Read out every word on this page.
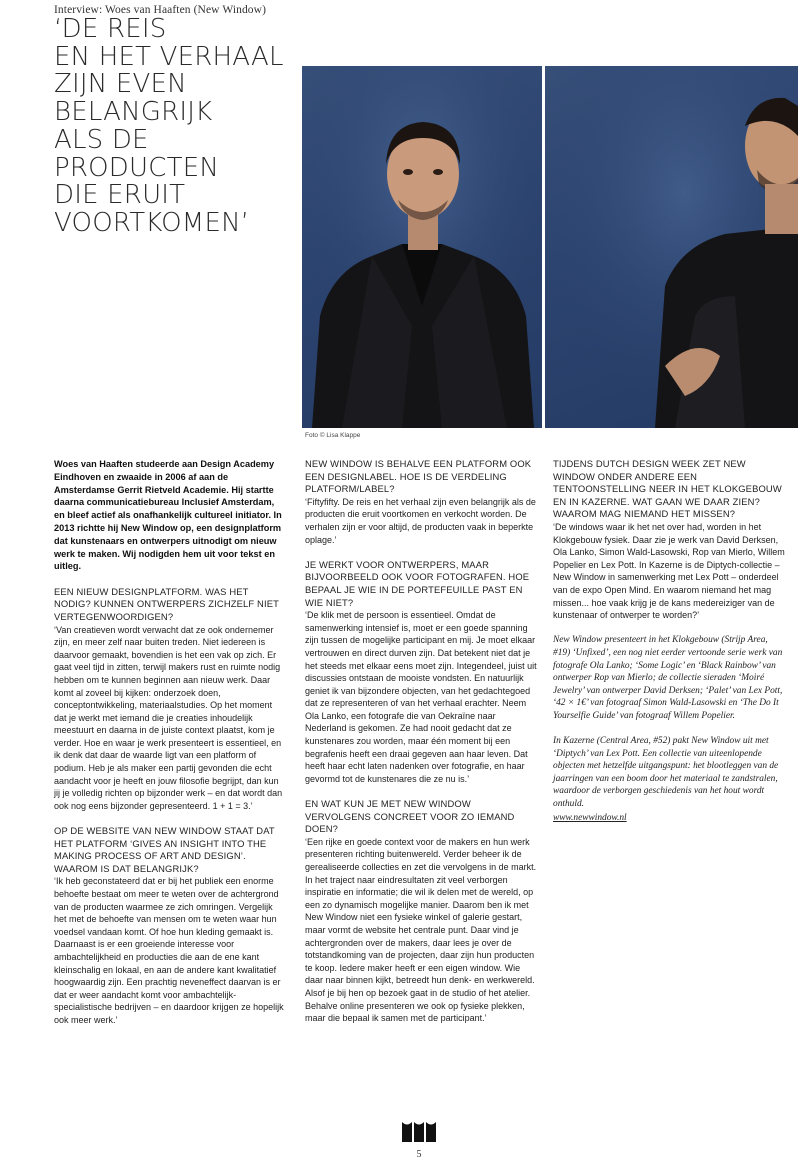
Interview: Woes van Haaften (New Window)
‘DE REIS
EN HET VERHAAL
ZIJN EVEN
BELANGRIJK
ALS DE
PRODUCTEN
DIE ERUIT
VOORTKOMEN’
Foto © Lisa Klappe

Woes van Haaften studeerde aan Design Academy Eindhoven en zwaaide in 2006 af aan de Amsterdamse Gerrit Rietveld Academie. Hij startte daarna communicatiebureau Inclusief Amsterdam, en bleef actief als onafhankelijk cultureel initiator. In 2013 richtte hij New Window op, een designplatform dat kunstenaars en ontwerpers uitnodigt om nieuw werk te maken. Wij nodigden hem uit voor tekst en uitleg.

EEN NIEUW DESIGNPLATFORM. WAS HET NODIG? KUNNEN ONTWERPERS ZICHZELF NIET VERTEGENWOORDIGEN?

‘Van creatieven wordt verwacht dat ze ook ondernemer zijn, en meer zelf naar buiten treden. Niet iedereen is daarvoor gemaakt, bovendien is het een vak op zich. Er gaat veel tijd in zitten, terwijl makers rust en ruimte nodig hebben om te kunnen beginnen aan nieuw werk. Daar komt al zoveel bij kijken: onderzoek doen, conceptontwikkeling, materiaalstudies. Op het moment dat je werkt met iemand die je creaties inhoudelijk meestuurt en daarna in de juiste context plaatst, kom je verder. Hoe en waar je werk presenteert is essentieel, en ik denk dat daar de waarde ligt van een platform of podium. Heb je als maker een partij gevonden die echt aandacht voor je heeft en jouw filosofie begrijpt, dan kun jij je volledig richten op bijzonder werk – en dat wordt dan ook nog eens bijzonder gepresenteerd. 1 + 1 = 3.’

OP DE WEBSITE VAN NEW WINDOW STAAT DAT HET PLATFORM ‘GIVES AN INSIGHT INTO THE MAKING PROCESS OF ART AND DESIGN’. WAAROM IS DAT BELANGRIJK?

‘Ik heb geconstateerd dat er bij het publiek een enorme behoefte bestaat om meer te weten over de achtergrond van de producten waarmee ze zich omringen. Vergelijk het met de behoefte van mensen om te weten waar hun voedsel vandaan komt. Of hoe hun kleding gemaakt is. Daarnaast is er een groeiende interesse voor ambachtelijkheid en producties die aan de ene kant kleinschalig en lokaal, en aan de andere kant kwalitatief hoogwaardig zijn. Een prachtig neveneffect daarvan is er dat er weer aandacht komt voor ambachtelijk-specialistische bedrijven – en daardoor krijgen ze hopelijk ook meer werk.’

NEW WINDOW IS BEHALVE EEN PLATFORM OOK EEN DESIGNLABEL. HOE IS DE VERDELING PLATFORM/LABEL?

‘Fiftyfifty. De reis en het verhaal zijn even belangrijk als de producten die eruit voortkomen en verkocht worden. De verhalen zijn er voor altijd, de producten vaak in beperkte oplage.’

JE WERKT VOOR ONTWERPERS, MAAR BIJVOORBEELD OOK VOOR FOTOGRAFEN. HOE BEPAAL JE WIE IN DE PORTEFEUILLE PAST EN WIE NIET?

‘De klik met de persoon is essentieel. Omdat de samenwerking intensief is, moet er een goede spanning zijn tussen de mogelijke participant en mij. Je moet elkaar vertrouwen en direct durven zijn. Dat betekent niet dat je het steeds met elkaar eens moet zijn. Integendeel, juist uit discussies ontstaan de mooiste vondsten. En natuurlijk geniet ik van bijzondere objecten, van het gedachtegoed dat ze representeren of van het verhaal erachter. Neem Ola Lanko, een fotografe die van Oekraïne naar Nederland is gekomen. Ze had nooit gedacht dat ze kunstenares zou worden, maar één moment bij een begrafenis heeft een draai gegeven aan haar leven. Dat heeft haar echt laten nadenken over fotografie, en haar gevormd tot de kunstenares die ze nu is.’

EN WAT KUN JE MET NEW WINDOW VERVOLGENS CONCREET VOOR ZO IEMAND DOEN?

‘Een rijke en goede context voor de makers en hun werk presenteren richting buitenwereld. Verder beheer ik de gerealiseerde collecties en zet die vervolgens in de markt. In het traject naar eindresultaten zit veel verborgen inspiratie en informatie; die wil ik delen met de wereld, op een zo dynamisch mogelijke manier. Daarom ben ik met New Window niet een fysieke winkel of galerie gestart, maar vormt de website het centrale punt. Daar vind je achtergronden over de makers, daar lees je over de totstandkoming van de projecten, daar zijn hun producten te koop. Iedere maker heeft er een eigen window. Wie daar naar binnen kijkt, betreedt hun denk- en werkwereld. Alsof je bij hen op bezoek gaat in de studio of het atelier. Behalve online presenteren we ook op fysieke plekken, maar die bepaal ik samen met de participant.’

TIJDENS DUTCH DESIGN WEEK ZET NEW WINDOW ONDER ANDERE EEN TENTOONSTELLING NEER IN HET KLOKGEBOUW EN IN KAZERNE. WAT GAAN WE DAAR ZIEN? WAAROM MAG NIEMAND HET MISSEN?

‘De windows waar ik het net over had, worden in het Klokgebouw fysiek. Daar zie je werk van David Derksen, Ola Lanko, Simon Wald-Lasowski, Rop van Mierlo, Willem Popelier en Lex Pott. In Kazerne is de Diptych-collectie – New Window in samenwerking met Lex Pott – onderdeel van de expo Open Mind. En waarom niemand het mag missen... hoe vaak krijg je de kans medereiziger van de kunstenaar of ontwerper te worden?’

New Window presenteert in het Klokgebouw (Strijp Area, #19) ‘Unfixed’, een nog niet eerder vertoonde serie werk van fotografe Ola Lanko; ‘Some Logic’ en ‘Black Rainbow’ van ontwerper Rop van Mierlo; de collectie sieraden ‘Moiré Jewelry’ van ontwerper David Derksen; ‘Palet’ van Lex Pott, ‘42 × 1€’ van fotograaf Simon Wald-Lasowski en ‘The Do It Yourselfie Guide’ van fotograaf Willem Popelier.

In Kazerne (Central Area, #52) pakt New Window uit met ‘Diptych’ van Lex Pott. Een collectie van uiteenlopende objecten met hetzelfde uitgangspunt: het blootleggen van de jaarringen van een boom door het materiaal te zandstralen, waardoor de verborgen geschiedenis van het hout wordt onthuld.

www.newwindow.nl
5
